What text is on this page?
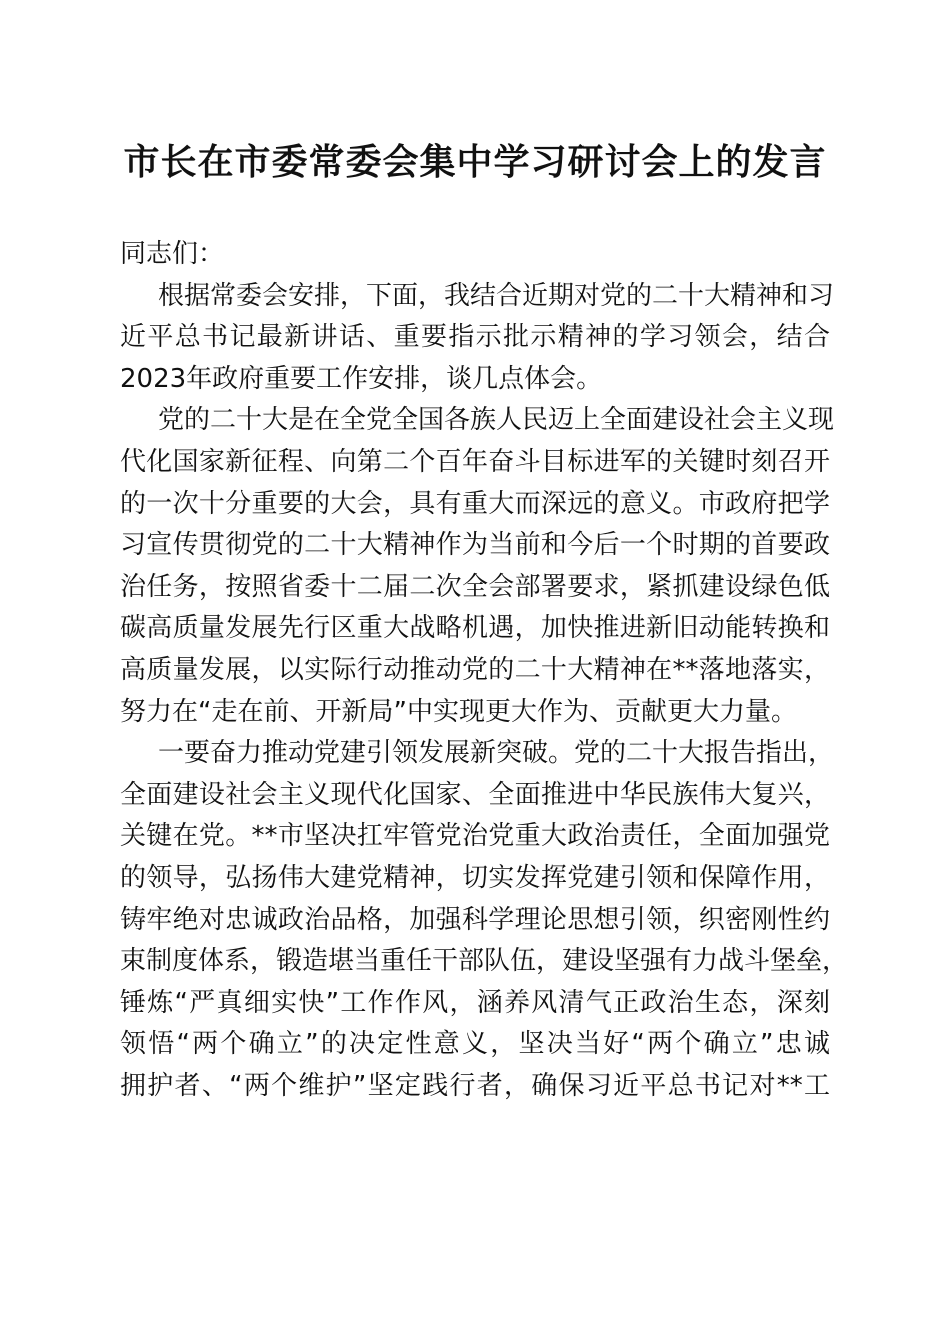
市长在市委常委会集中学习研讨会上的发言
同志们：
根据常委会安排，下面，我结合近期对党的二十大精神和习
近平总书记最新讲话、重要指示批示精神的学习领会，结合
2023年政府重要工作安排，谈几点体会。
党的二十大是在全党全国各族人民迈上全面建设社会主义现
代化国家新征程、向第二个百年奋斗目标进军的关键时刻召开
的一次十分重要的大会，具有重大而深远的意义。市政府把学
习宣传贯彻党的二十大精神作为当前和今后一个时期的首要政
治任务，按照省委十二届二次全会部署要求，紧抓建设绿色低
碳高质量发展先行区重大战略机遇，加快推进新旧动能转换和
高质量发展，以实际行动推动党的二十大精神在**落地落实，
努力在“走在前、开新局”中实现更大作为、贡献更大力量。
一要奋力推动党建引领发展新突破。党的二十大报告指出，
全面建设社会主义现代化国家、全面推进中华民族伟大复兴，
关键在党。**市坚决扛牢管党治党重大政治责任，全面加强党
的领导，弘扬伟大建党精神，切实发挥党建引领和保障作用，
铸牢绝对忠诚政治品格，加强科学理论思想引领，织密刚性约
束制度体系，锻造堪当重任干部队伍，建设坚强有力战斗堡垒，
锤炼“严真细实快”工作作风，涵养风清气正政治生态，深刻
领悟“两个确立”的决定性意义，坚决当好“两个确立”忠诚
拥护者、“两个维护”坚定践行者，确保习近平总书记对**工
